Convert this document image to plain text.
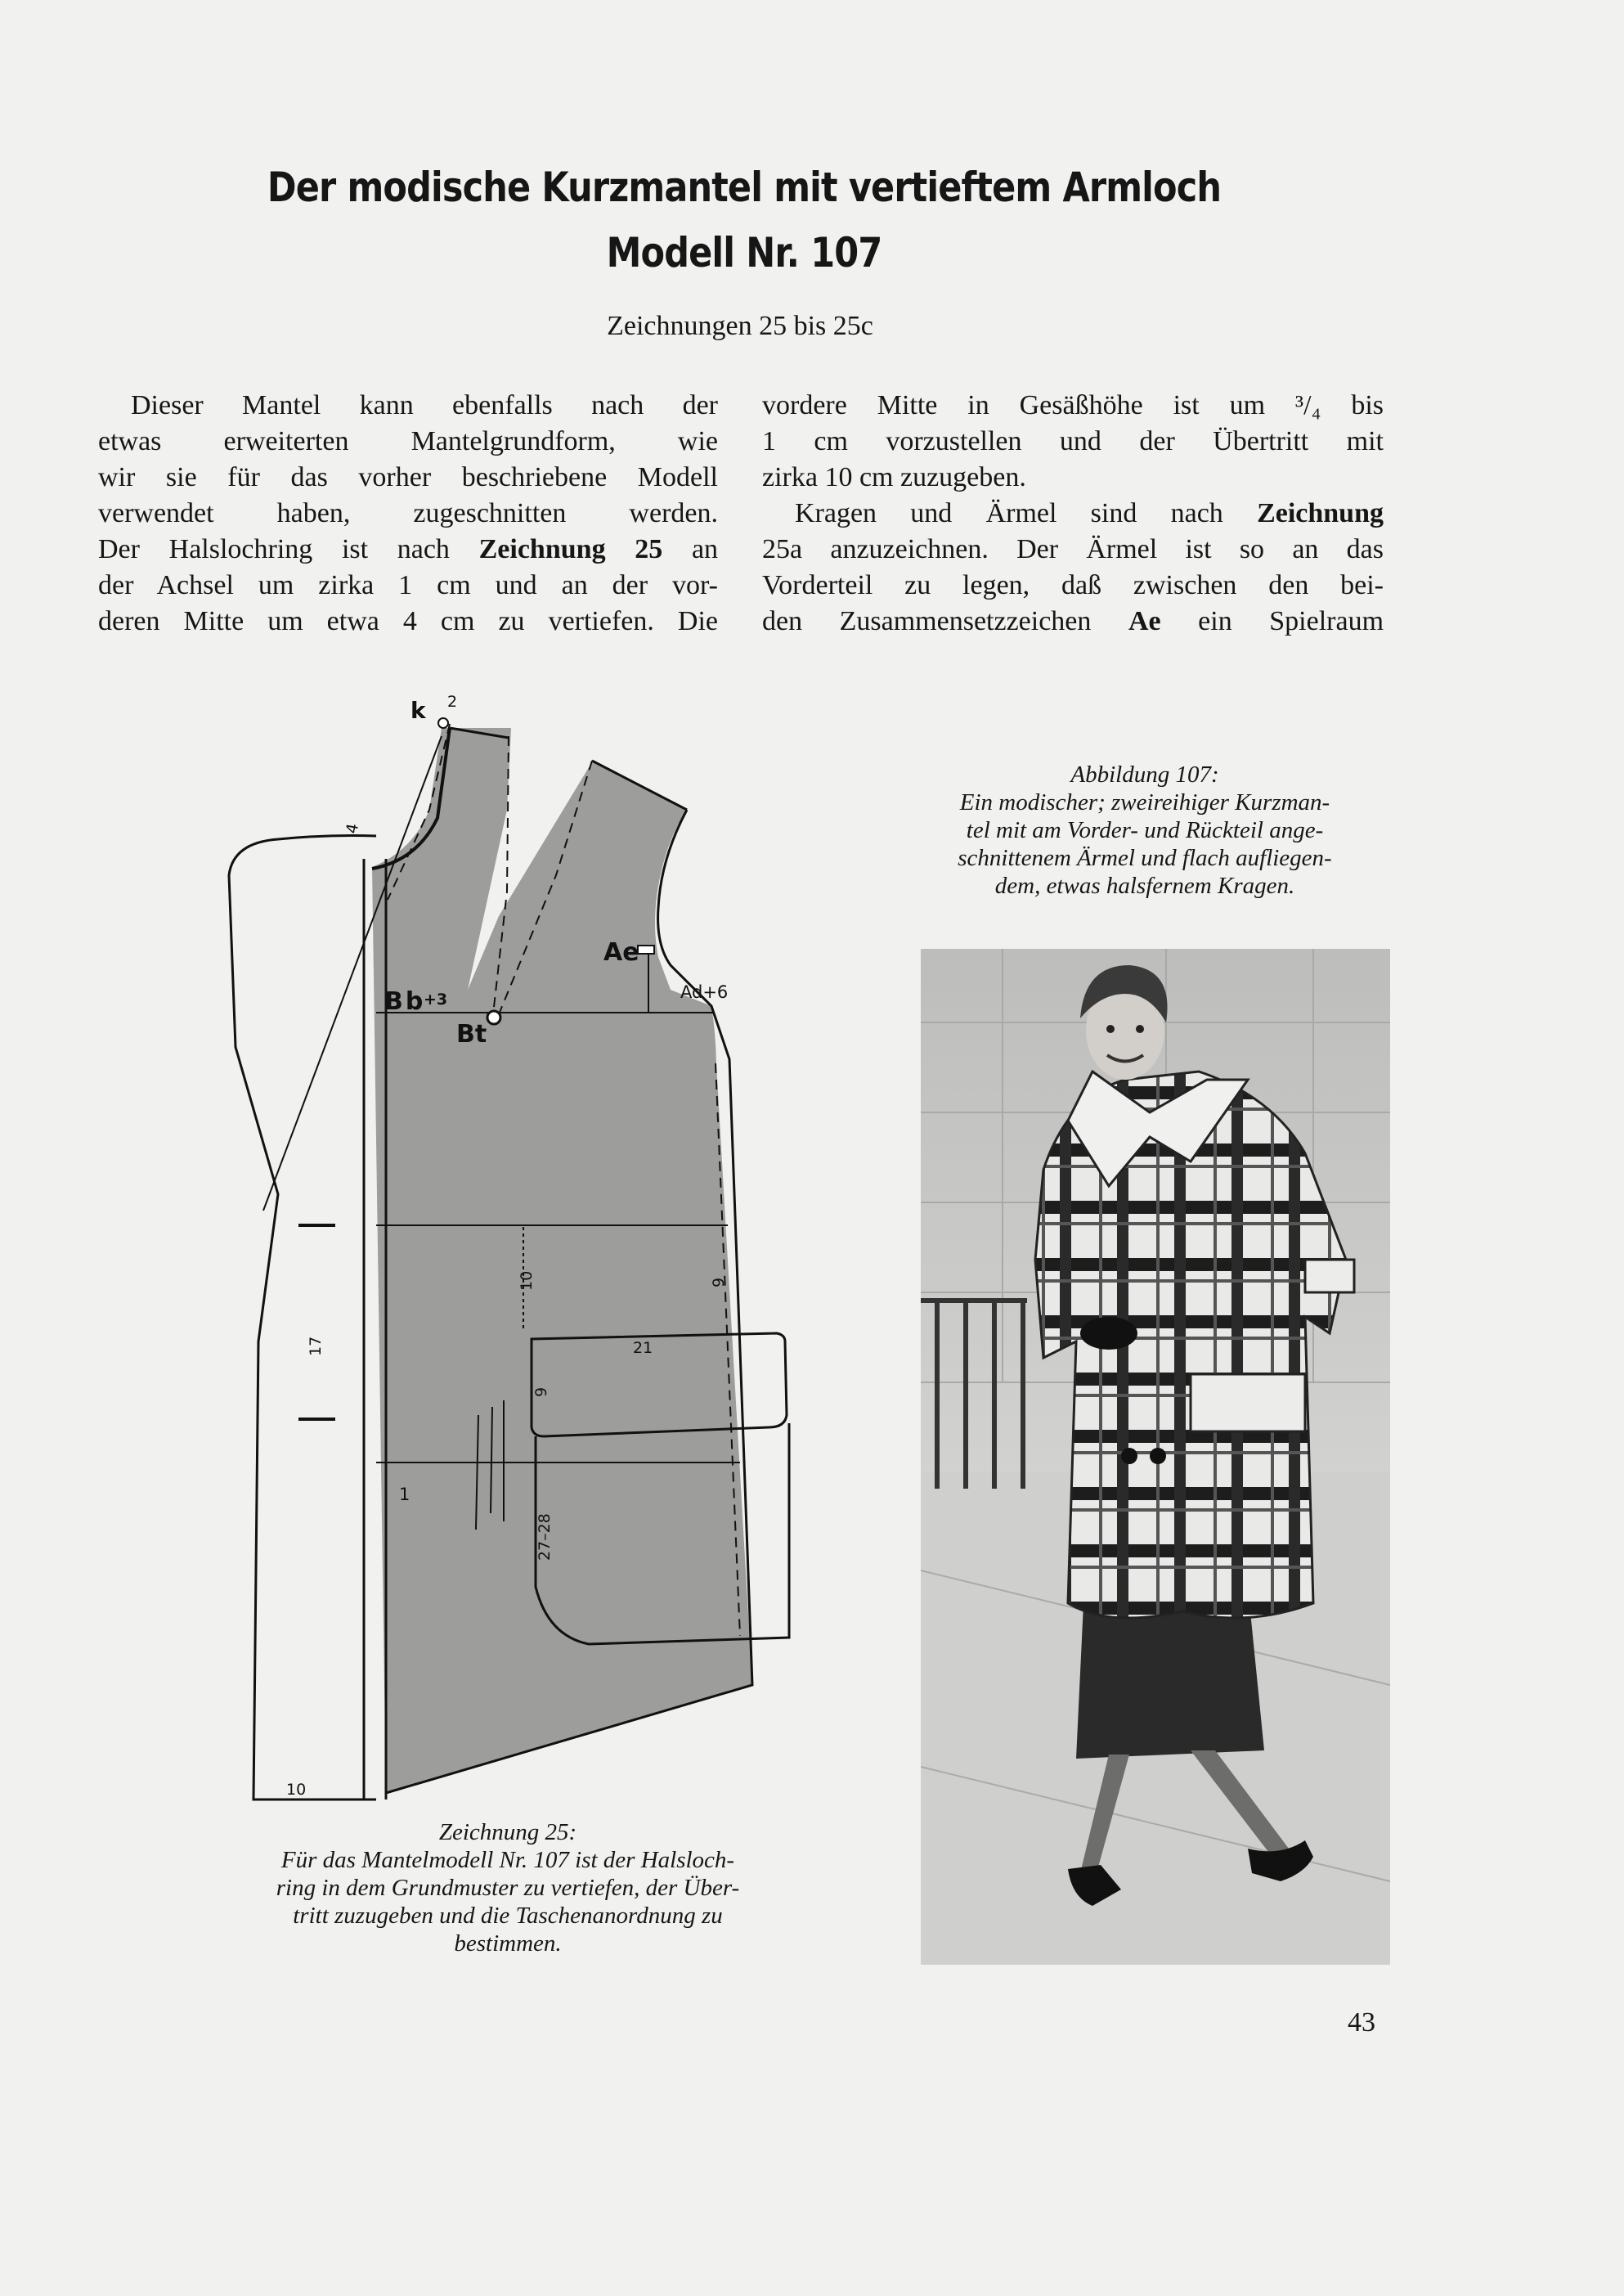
Der modische Kurzmantel mit vertieftem Armloch
Modell Nr. 107
Zeichnungen 25 bis 25c
Dieser Mantel kann ebenfalls nach der
etwas erweiterten Mantelgrundform, wie
wir sie für das vorher beschriebene Modell
verwendet haben, zugeschnitten werden.
Der Halslochring ist nach Zeichnung 25 an
der Achsel um zirka 1 cm und an der vor-
deren Mitte um etwa 4 cm zu vertiefen. Die
vordere Mitte in Gesäßhöhe ist um ³/₄ bis
1 cm vorzustellen und der Übertritt mit
zirka 10 cm zuzugeben.
Kragen und Ärmel sind nach Zeichnung
25a anzuzeichnen. Der Ärmel ist so an das
Vorderteil zu legen, daß zwischen den bei-
den Zusammensetzzeichen Ae ein Spielraum
k 2
4
Ae
Ad+6
Bb
+3
Bt
10	9
21
9
17
1
27–28
10
Zeichnung 25:
Für das Mantelmodell Nr. 107 ist der Halsloch-
ring in dem Grundmuster zu vertiefen, der Über-
tritt zuzugeben und die Taschenanordnung zu
bestimmen.
Abbildung 107:
Ein modischer; zweireihiger Kurzman-
tel mit am Vorder- und Rückteil ange-
schnittenem Ärmel und flach aufliegen-
dem, etwas halsfernem Kragen.
43
